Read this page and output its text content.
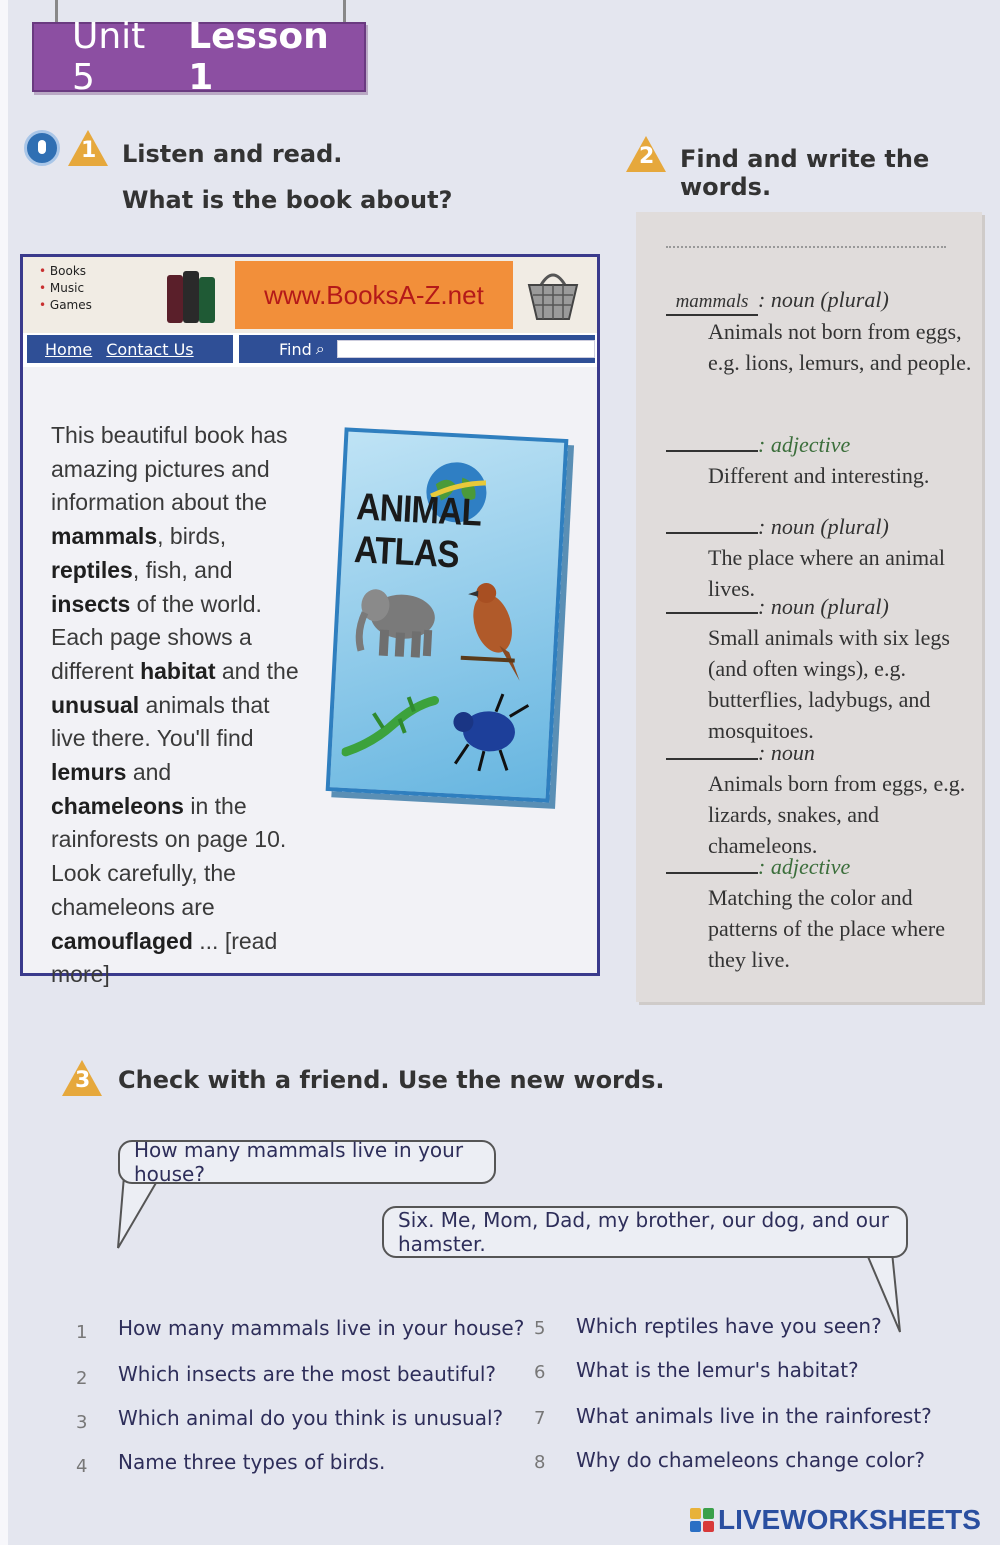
Unit 5
Lesson 1
1 Listen and read.
What is the book about?
2 Find and write the words.
• Books
• Music
• Games	www.BooksA-Z.net
Home Contact Us	Find ⌕
This beautiful book has amazing pictures and information about the mammals, birds, reptiles, fish, and insects of the world. Each page shows a different habitat and the unusual animals that live there. You'll find lemurs and chameleons in the rainforests on page 10. Look carefully, the chameleons are camouflaged ... [read more]
ANIMAL ATLAS
mammals : noun (plural)
Animals not born from eggs, e.g. lions, lemurs, and people.
: adjective
Different and interesting.
: noun (plural)
The place where an animal lives.
: noun (plural)
Small animals with six legs (and often wings), e.g. butterflies, ladybugs, and mosquitoes.
: noun
Animals born from eggs, e.g. lizards, snakes, and chameleons.
: adjective
Matching the color and patterns of the place where they live.
3 Check with a friend. Use the new words.
How many mammals live in your house?
Six. Me, Mom, Dad, my brother, our dog, and our hamster.
1 How many mammals live in your house?
2 Which insects are the most beautiful?
3 Which animal do you think is unusual?
4 Name three types of birds.
5 Which reptiles have you seen?
6 What is the lemur's habitat?
7 What animals live in the rainforest?
8 Why do chameleons change color?
LIVEWORKSHEETS
